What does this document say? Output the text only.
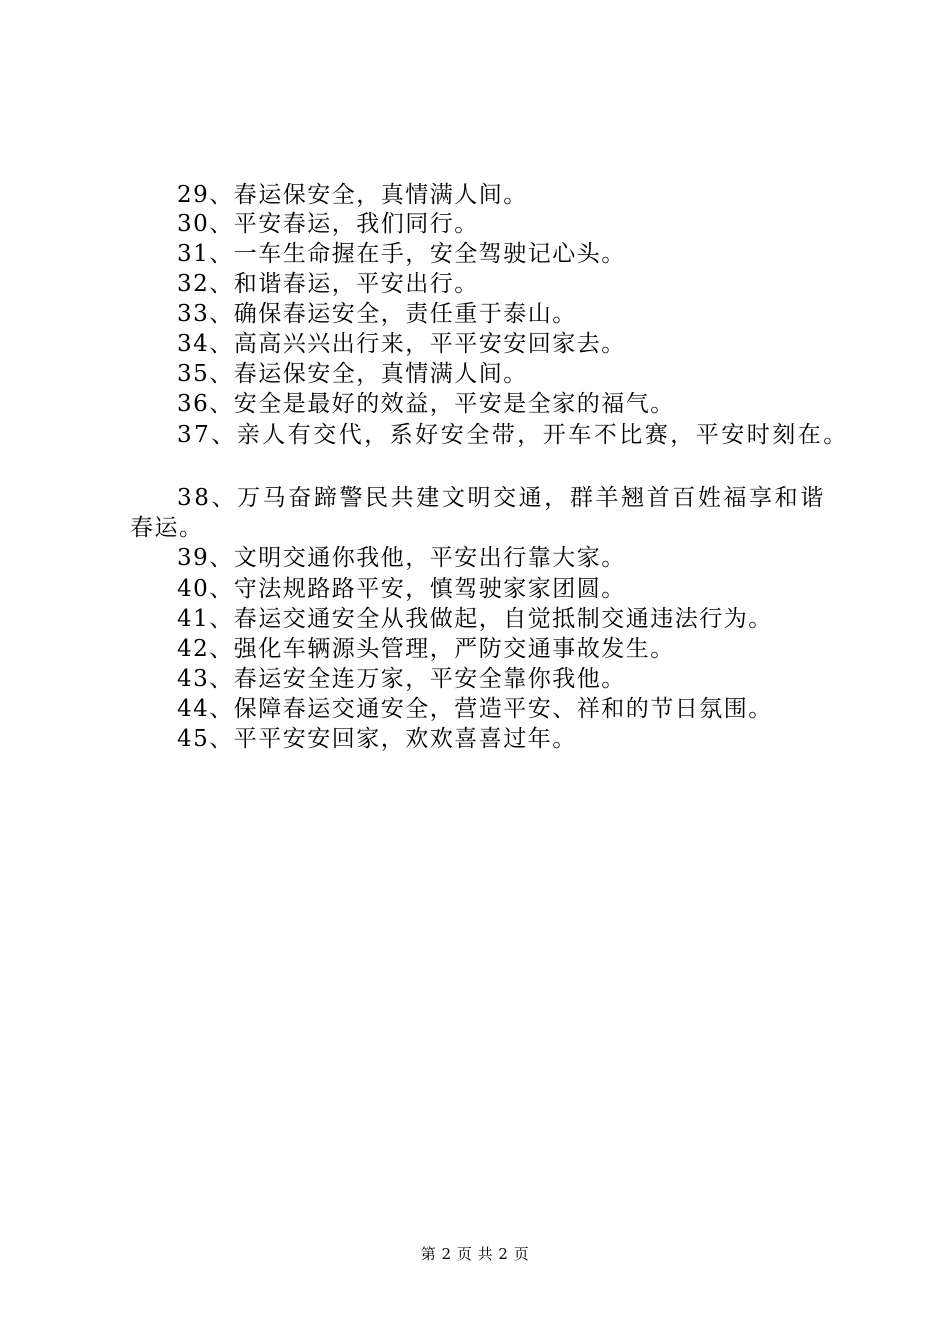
29、春运保安全，真情满人间。
30、平安春运，我们同行。
31、一车生命握在手，安全驾驶记心头。
32、和谐春运，平安出行。
33、确保春运安全，责任重于泰山。
34、高高兴兴出行来，平平安安回家去。
35、春运保安全，真情满人间。
36、安全是最好的效益，平安是全家的福气。
37、亲人有交代，系好安全带，开车不比赛，平安时刻在。
38、万马奋蹄警民共建文明交通，群羊翘首百姓福享和谐
春运。
39、文明交通你我他，平安出行靠大家。
40、守法规路路平安，慎驾驶家家团圆。
41、春运交通安全从我做起，自觉抵制交通违法行为。
42、强化车辆源头管理，严防交通事故发生。
43、春运安全连万家，平安全靠你我他。
44、保障春运交通安全，营造平安、祥和的节日氛围。
45、平平安安回家，欢欢喜喜过年。
第 2 页 共 2 页
